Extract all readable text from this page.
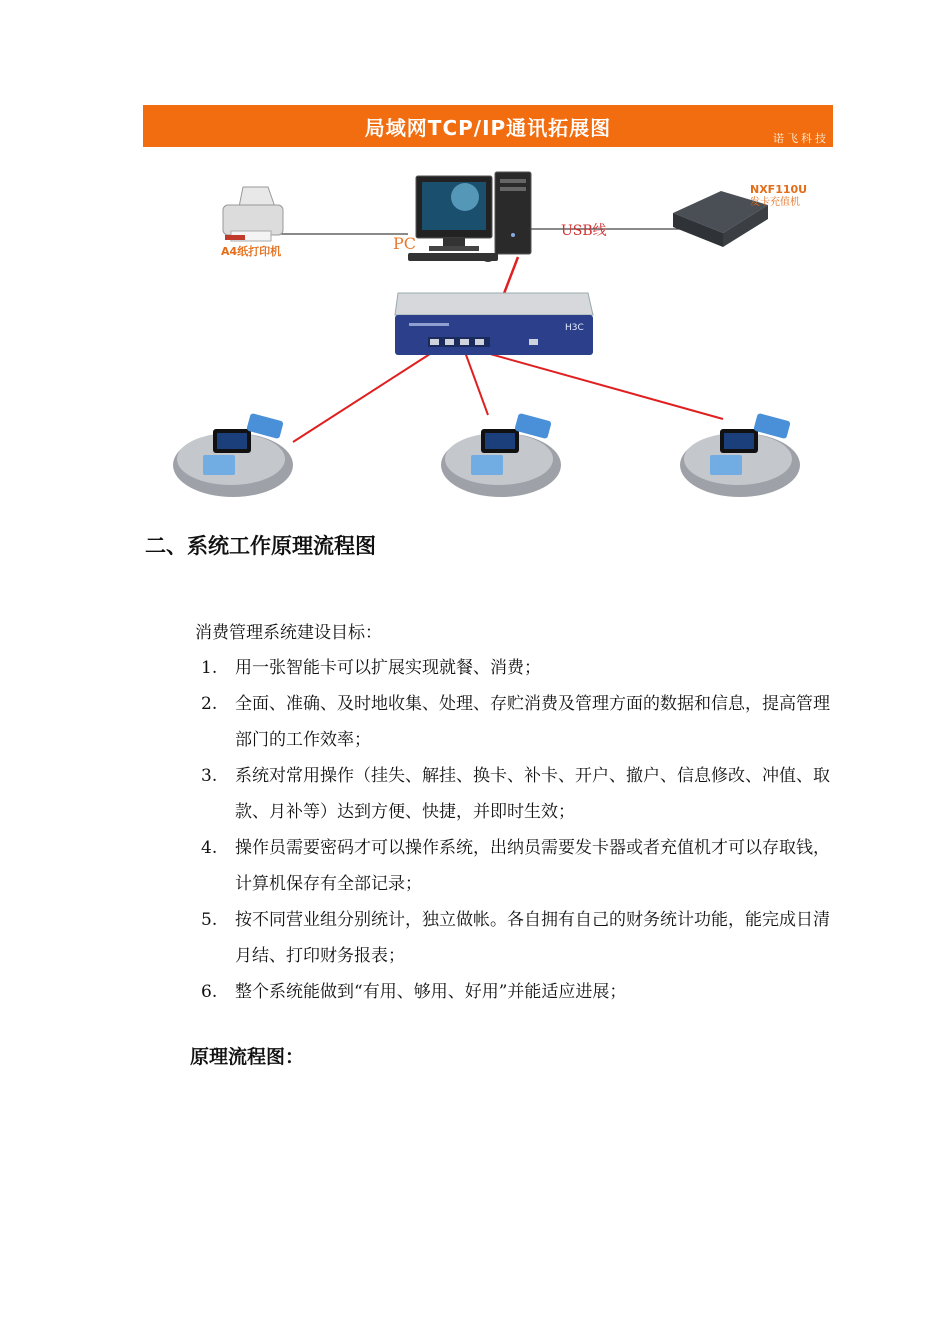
局域网TCP/IP通讯拓展图	诺飞科技
A4纸打印机	PC
USB线
NXF110U
发卡充值机
H3C
二、系统工作原理流程图
消费管理系统建设目标：
1. 用一张智能卡可以扩展实现就餐、消费；
2. 全面、准确、及时地收集、处理、存贮消费及管理方面的数据和信息，提高管理部门的工作效率；
3. 系统对常用操作（挂失、解挂、换卡、补卡、开户、撤户、信息修改、冲值、取款、月补等）达到方便、快捷，并即时生效；
4. 操作员需要密码才可以操作系统，出纳员需要发卡器或者充值机才可以存取钱，计算机保存有全部记录；
5. 按不同营业组分别统计，独立做帐。各自拥有自己的财务统计功能，能完成日清月结、打印财务报表；
6. 整个系统能做到“有用、够用、好用”并能适应进展；
原理流程图：
